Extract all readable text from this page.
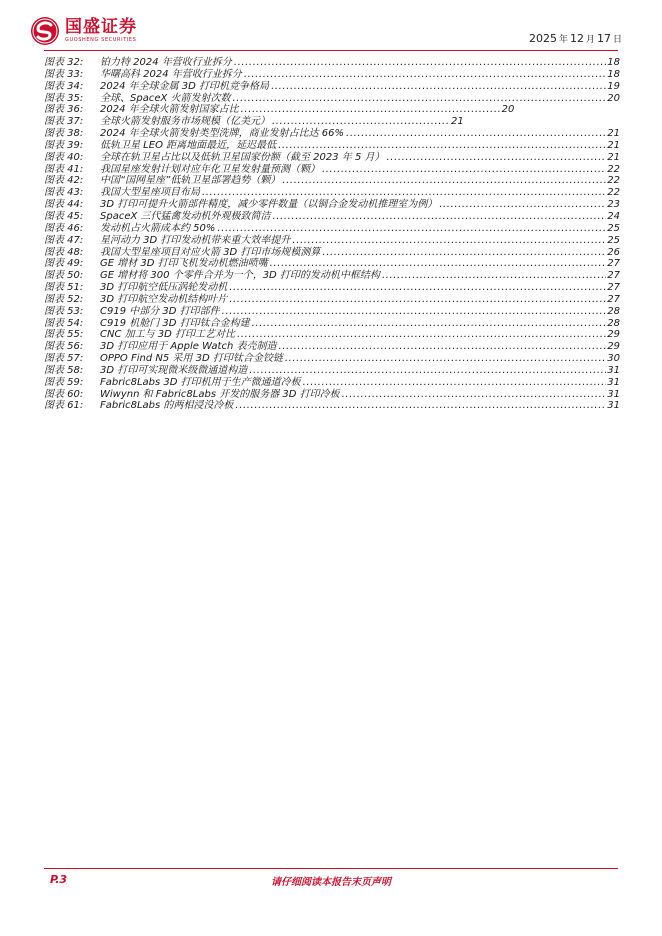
国盛证券
GUOSHENG SECURITIES	2025 年 12 月 17 日
图表 32:	铂力特 2024 年营收行业拆分 .....	18
图表 33:	华曙高科 2024 年营收行业拆分 .....	18
图表 34:	2024 年全球金属 3D 打印机竞争格局 .....	19
图表 35:	全球、SpaceX 火箭发射次数 .....	20
图表 36:	2024 年全球火箭发射国家占比 .....	20
图表 37:	全球火箭发射服务市场规模（亿美元） .....	21
图表 38:	2024 年全球火箭发射类型洗牌，商业发射占比达 66% .....	21
图表 39:	低轨卫星 LEO 距离地面最近，延迟最低 .....	21
图表 40:	全球在轨卫星占比以及低轨卫星国家份额（截至 2023 年 5 月） .....	21
图表 41:	我国星座发射计划对应年化卫星发射量预测（颗） .....	22
图表 42:	中国“国网星座”低轨卫星部署趋势（颗） .....	22
图表 43:	我国大型星座项目布局 .....	22
图表 44:	3D 打印可提升火箭部件精度，减少零件数量（以铜合金发动机推理室为例） .....	23
图表 45:	SpaceX 三代猛禽发动机外观极致简洁 .....	24
图表 46:	发动机占火箭成本约 50% .....	25
图表 47:	星河动力 3D 打印发动机带来重大效率提升 .....	25
图表 48:	我国大型星座项目对应火箭 3D 打印市场规模测算 .....	26
图表 49:	GE 增材 3D 打印飞机发动机燃油喷嘴 .....	27
图表 50:	GE 增材将 300 个零件合并为一个，3D 打印的发动机中框结构 .....	27
图表 51:	3D 打印航空低压涡轮发动机 .....	27
图表 52:	3D 打印航空发动机结构叶片 .....	27
图表 53:	C919 中部分 3D 打印部件 .....	28
图表 54:	C919 机舱门 3D 打印钛合金构建 .....	28
图表 55:	CNC 加工与 3D 打印工艺对比 .....	29
图表 56:	3D 打印应用于 Apple Watch 表壳制造 .....	29
图表 57:	OPPO Find N5 采用 3D 打印钛合金铰链 .....	30
图表 58:	3D 打印可实现微米级微通道构造 .....	31
图表 59:	Fabric8Labs 3D 打印机用于生产微通道冷板 .....	31
图表 60:	Wiwynn 和 Fabric8Labs 开发的服务器 3D 打印冷板 .....	31
图表 61:	Fabric8Labs 的两相浸没冷板 .....	31
P.3	请仔细阅读本报告末页声明
